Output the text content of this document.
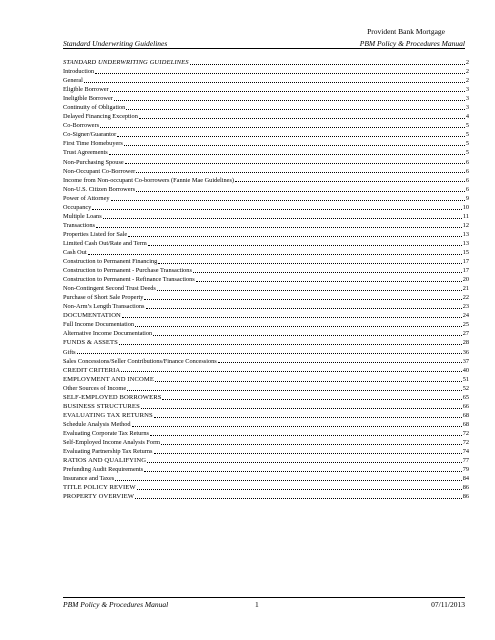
Standard Underwriting Guidelines
Provident Bank Mortgage
PBM Policy & Procedures Manual
STANDARD UNDERWRITING GUIDELINES	2
Introduction	2
General	2
Eligible Borrower	3
Ineligible Borrower	3
Continuity of Obligation	3
Delayed Financing Exception	4
Co-Borrowers	5
Co-Signer/Guarantor	5
First Time Homebuyers	5
Trust Agreements	5
Non-Purchasing Spouse	6
Non-Occupant Co-Borrower	6
Income from Non-occupant Co-borrowers (Fannie Mae Guidelines)	6
Non-U.S. Citizen Borrowers	6
Power of Attorney	9
Occupancy	10
Multiple Loans	11
Transactions	12
Properties Listed for Sale	13
Limited Cash Out/Rate and Term	13
Cash Out	15
Construction to Permanent Financing	17
Construction to Permanent - Purchase Transactions	17
Construction to Permanent - Refinance Transactions	20
Non-Contingent Second Trust Deeds	21
Purchase of Short Sale Property	22
Non-Arm’s Length Transactions	23
DOCUMENTATION	24
Full Income Documentation	25
Alternative Income Documentation	27
FUNDS & ASSETS	28
Gifts	36
Sales Concessions/Seller Contributions/Finance Concessions	37
CREDIT CRITERIA	40
EMPLOYMENT AND INCOME	51
Other Sources of Income	52
SELF-EMPLOYED BORROWERS	65
BUSINESS STRUCTURES	66
EVALUATING TAX RETURNS	68
Schedule Analysis Method	68
Evaluating Corporate Tax Returns	72
Self-Employed Income Analysis Form	72
Evaluating Partnership Tax Returns	74
RATIOS AND QUALIFYING	77
Prefunding Audit Requirements	79
Insurance and Taxes	84
TITLE POLICY REVIEW	86
PROPERTY OVERVIEW	86
PBM Policy & Procedures Manual	1	07/11/2013
